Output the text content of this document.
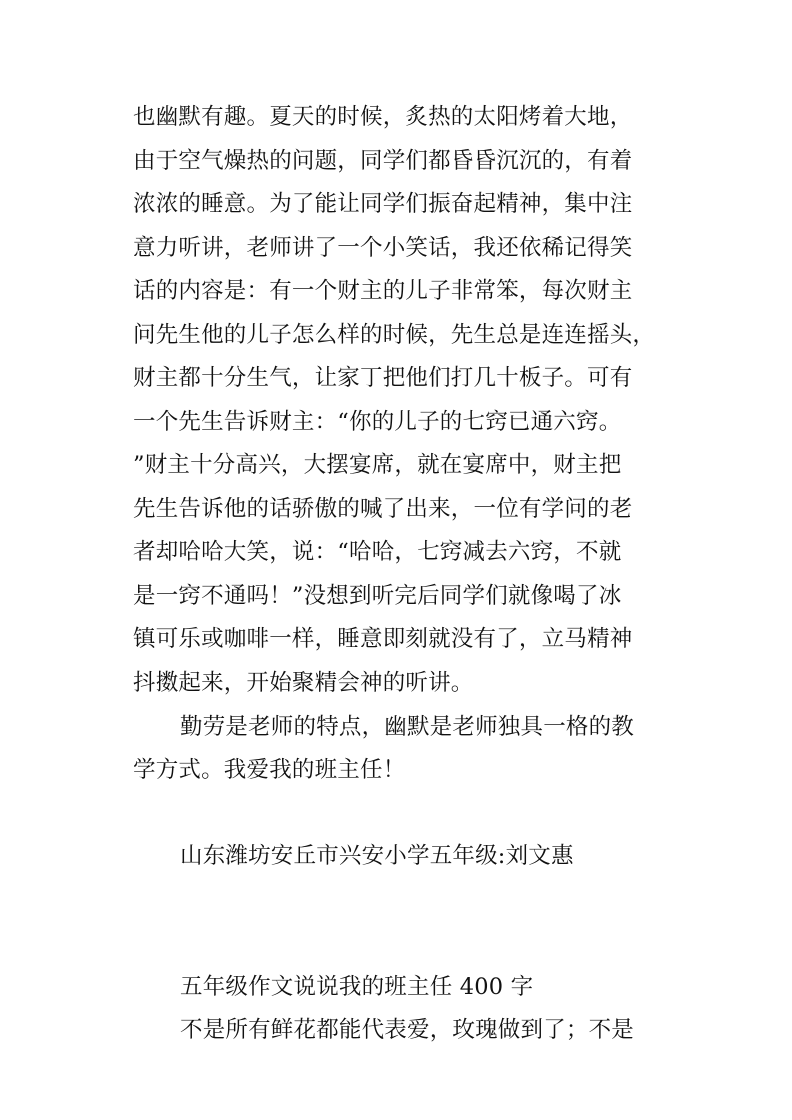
也幽默有趣。夏天的时候，炙热的太阳烤着大地，
由于空气燥热的问题，同学们都昏昏沉沉的，有着
浓浓的睡意。为了能让同学们振奋起精神，集中注
意力听讲，老师讲了一个小笑话，我还依稀记得笑
话的内容是：有一个财主的儿子非常笨，每次财主
问先生他的儿子怎么样的时候，先生总是连连摇头，
财主都十分生气，让家丁把他们打几十板子。可有
一个先生告诉财主：“你的儿子的七窍已通六窍。
”财主十分高兴，大摆宴席，就在宴席中，财主把
先生告诉他的话骄傲的喊了出来，一位有学问的老
者却哈哈大笑，说：“哈哈，七窍减去六窍，不就
是一窍不通吗！”没想到听完后同学们就像喝了冰
镇可乐或咖啡一样，睡意即刻就没有了，立马精神
抖擞起来，开始聚精会神的听讲。
勤劳是老师的特点，幽默是老师独具一格的教
学方式。我爱我的班主任！
山东潍坊安丘市兴安小学五年级:刘文惠
五年级作文说说我的班主任 400 字
不是所有鲜花都能代表爱，玫瑰做到了；不是
